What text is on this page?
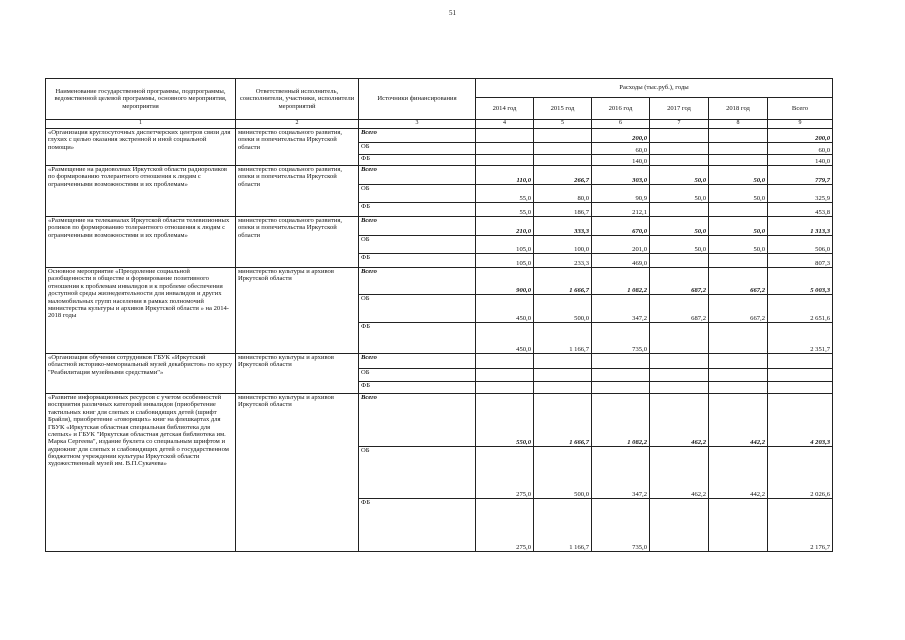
51
Наименование государственной программы, подпрограммы, ведомственной целевой программы, основного мероприятия, мероприятия	Ответственный исполнитель, соисполнители, участники, исполнители мероприятий	Источники финансирования	Расходы (тыс.руб.), годы					
			2014 год	2015 год	2016 год	2017 год	2018 год	Всего
1	2	3	4	5	6	7	8	9
«Организация круглосуточных диспетчерских центров связи для глухих с целью оказания экстренной и иной социальной помощи»	министерство социального развития, опеки и попечительства Иркутской области	Всего			200,0			200,0
		ОБ			60,0			60,0
		ФБ			140,0			140,0
«Размещение на радиоволнах Иркутской области радиороликов по формированию толерантного отношения к людям с ограниченными возможностями и их проблемам»	министерство социального развития, опеки и попечительства Иркутской области	Всего	110,0	266,7	303,0	50,0	50,0	779,7
		ОБ	55,0	80,0	90,9	50,0	50,0	325,9
		ФБ	55,0	186,7	212,1			453,8
«Размещение на телеканалах Иркутской области телевизионных роликов по формированию толерантного отношения к людям с ограниченными возможностями и их проблемам»	министерство социального развития, опеки и попечительства Иркутской области	Всего	210,0	333,3	670,0	50,0	50,0	1 313,3
		ОБ	105,0	100,0	201,0	50,0	50,0	506,0
		ФБ	105,0	233,3	469,0			807,3
Основное мероприятие «Преодоление социальной разобщенности в обществе и формирование позитивного отношения к проблемам инвалидов и к проблеме обеспечения доступной среды жизнедеятельности для инвалидов и других маломобильных групп населения в рамках полномочий министерства культуры и архивов Иркутской области » на 2014-2018 годы	министерство культуры и архивов Иркутской области	Всего	900,0	1 666,7	1 082,2	687,2	667,2	5 003,3
		ОБ	450,0	500,0	347,2	687,2	667,2	2 651,6
		ФБ	450,0	1 166,7	735,0			2 351,7
«Организация обучения сотрудников ГБУК «Иркутский областной историко-мемориальный музей декабристов» по курсу "Реабилитация музейными средствами"»	министерство культуры и архивов Иркутской области	Всего						
		ОБ						
		ФБ						
«Развитие информационных ресурсов с учетом особенностей восприятия различных категорий инвалидов (приобретение тактильных книг для слепых и слабовидящих детей (шрифт Брайля), приобретение «говорящих» книг на флешкартах для ГБУК «Иркутская областная специальная библиотека для слепых» и ГБУК "Иркутская областная детская библиотека им. Марка Сергеева", издание буклета со специальным шрифтом и аудиокниг для слепых и слабовидящих детей о государственном бюджетном учреждении культуры Иркутской области художественный музей им. В.П.Сукачева»	министерство культуры и архивов Иркутской области	Всего	550,0	1 666,7	1 082,2	462,2	442,2	4 203,3
		ОБ	275,0	500,0	347,2	462,2	442,2	2 026,6
		ФБ	275,0	1 166,7	735,0			2 176,7
